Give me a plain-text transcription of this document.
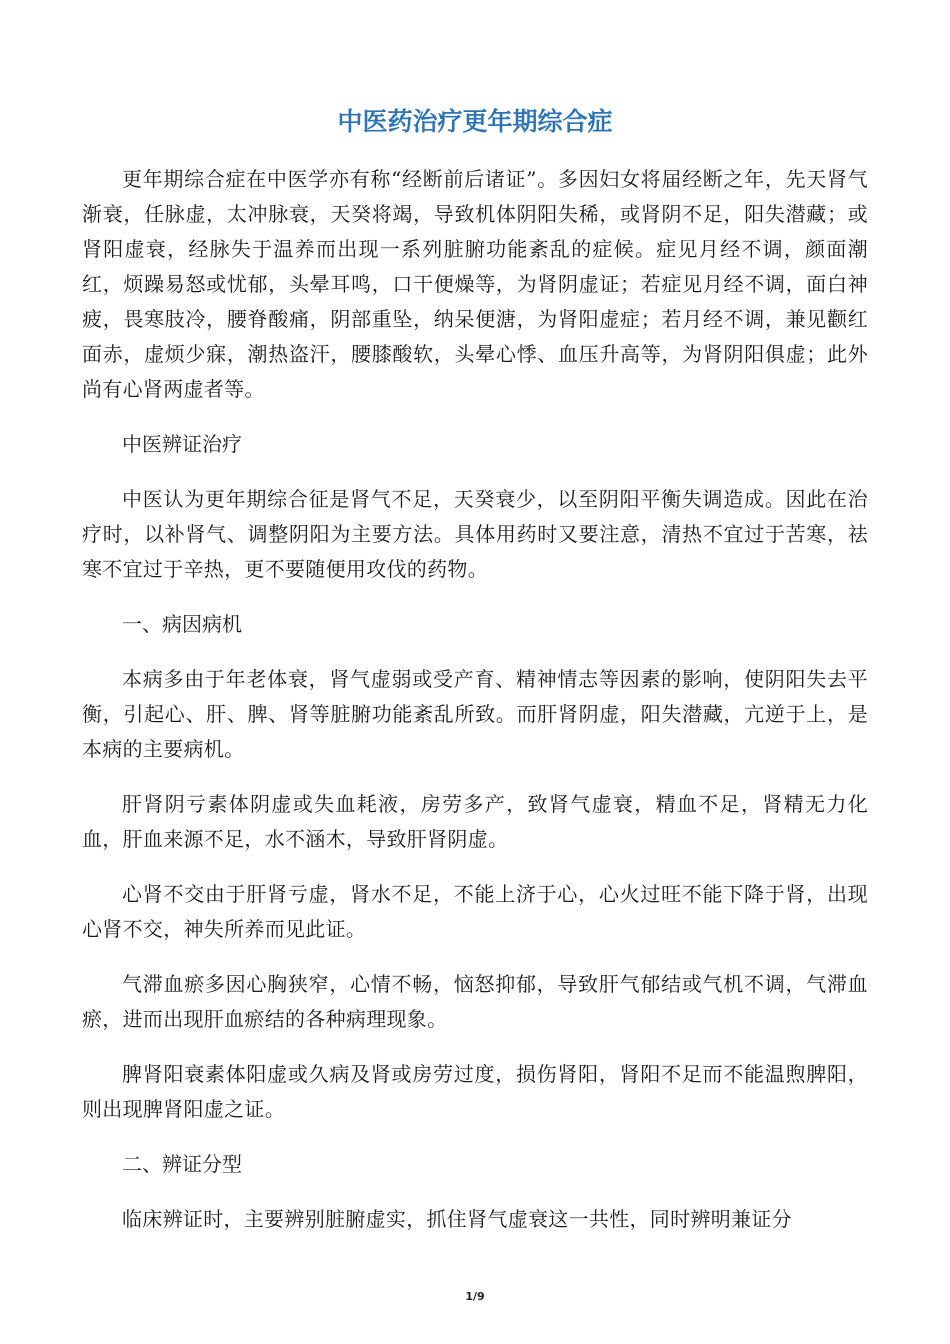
中医药治疗更年期综合症

更年期综合症在中医学亦有称“经断前后诸证”。多因妇女将届经断之年，先天肾气渐衰，任脉虚，太冲脉衰，天癸将竭，导致机体阴阳失稀，或肾阴不足，阳失潜藏；或肾阳虚衰，经脉失于温养而出现一系列脏腑功能紊乱的症候。症见月经不调，颜面潮红，烦躁易怒或忧郁，头晕耳鸣，口干便燥等，为肾阴虚证；若症见月经不调，面白神疲，畏寒肢冷，腰脊酸痛，阴部重坠，纳呆便溏，为肾阳虚症；若月经不调，兼见颧红面赤，虚烦少寐，潮热盗汗，腰膝酸软，头晕心悸、血压升高等，为肾阴阳俱虚；此外尚有心肾两虚者等。

中医辨证治疗

中医认为更年期综合征是肾气不足，天癸衰少，以至阴阳平衡失调造成。因此在治疗时，以补肾气、调整阴阳为主要方法。具体用药时又要注意，清热不宜过于苦寒，祛寒不宜过于辛热，更不要随便用攻伐的药物。

一、病因病机

本病多由于年老体衰，肾气虚弱或受产育、精神情志等因素的影响，使阴阳失去平衡，引起心、肝、脾、肾等脏腑功能紊乱所致。而肝肾阴虚，阳失潜藏，亢逆于上，是本病的主要病机。

肝肾阴亏素体阴虚或失血耗液，房劳多产，致肾气虚衰，精血不足，肾精无力化血，肝血来源不足，水不涵木，导致肝肾阴虚。

心肾不交由于肝肾亏虚，肾水不足，不能上济于心，心火过旺不能下降于肾，出现心肾不交，神失所养而见此证。

气滞血瘀多因心胸狭窄，心情不畅，恼怒抑郁，导致肝气郁结或气机不调，气滞血瘀，进而出现肝血瘀结的各种病理现象。

脾肾阳衰素体阳虚或久病及肾或房劳过度，损伤肾阳，肾阳不足而不能温煦脾阳，则出现脾肾阳虚之证。

二、辨证分型

临床辨证时，主要辨别脏腑虚实，抓住肾气虚衰这一共性，同时辨明兼证分

1/9
